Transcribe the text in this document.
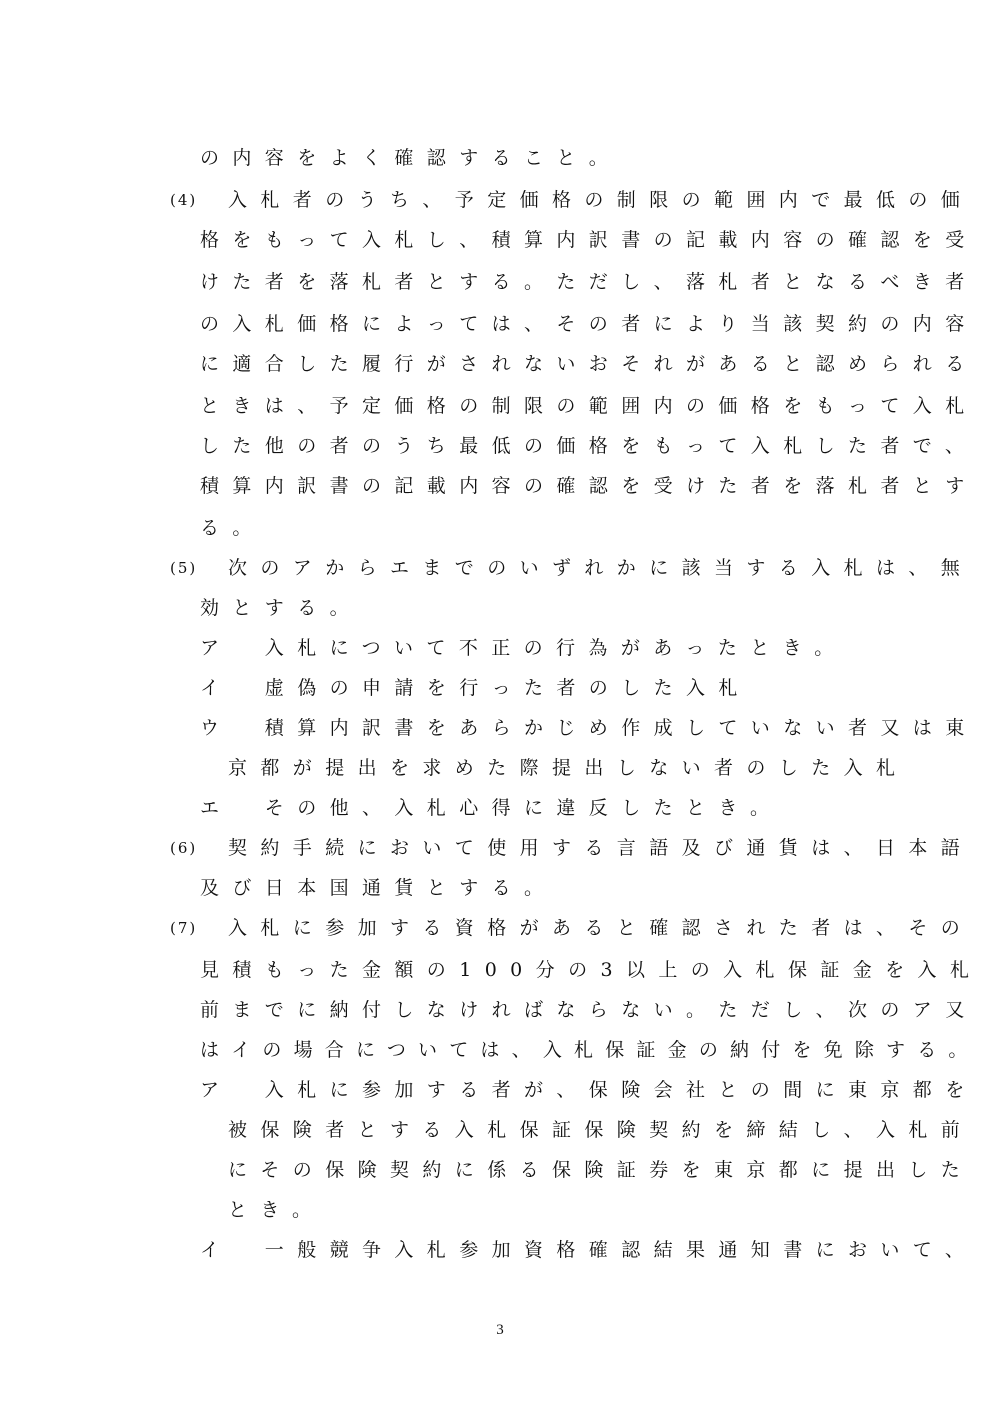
の内容をよく確認すること。
(4) 入札者のうち、予定価格の制限の範囲内で最低の価
格をもって入札し、積算内訳書の記載内容の確認を受
けた者を落札者とする。ただし、落札者となるべき者
の入札価格によっては、その者により当該契約の内容
に適合した履行がされないおそれがあると認められる
ときは、予定価格の制限の範囲内の価格をもって入札
した他の者のうち最低の価格をもって入札した者で、
積算内訳書の記載内容の確認を受けた者を落札者とす
る。
(5) 次のアからエまでのいずれかに該当する入札は、無
効とする。
ア　入札について不正の行為があったとき。
イ　虚偽の申請を行った者のした入札
ウ　積算内訳書をあらかじめ作成していない者又は東
京都が提出を求めた際提出しない者のした入札
エ　その他、入札心得に違反したとき。
(6) 契約手続において使用する言語及び通貨は、日本語
及び日本国通貨とする。
(7) 入札に参加する資格があると確認された者は、その
見積もった金額の100分の3以上の入札保証金を入札
前までに納付しなければならない。ただし、次のア又
はイの場合については、入札保証金の納付を免除する。
ア　入札に参加する者が、保険会社との間に東京都を
被保険者とする入札保証保険契約を締結し、入札前
にその保険契約に係る保険証券を東京都に提出した
とき。
イ　一般競争入札参加資格確認結果通知書において、
3
